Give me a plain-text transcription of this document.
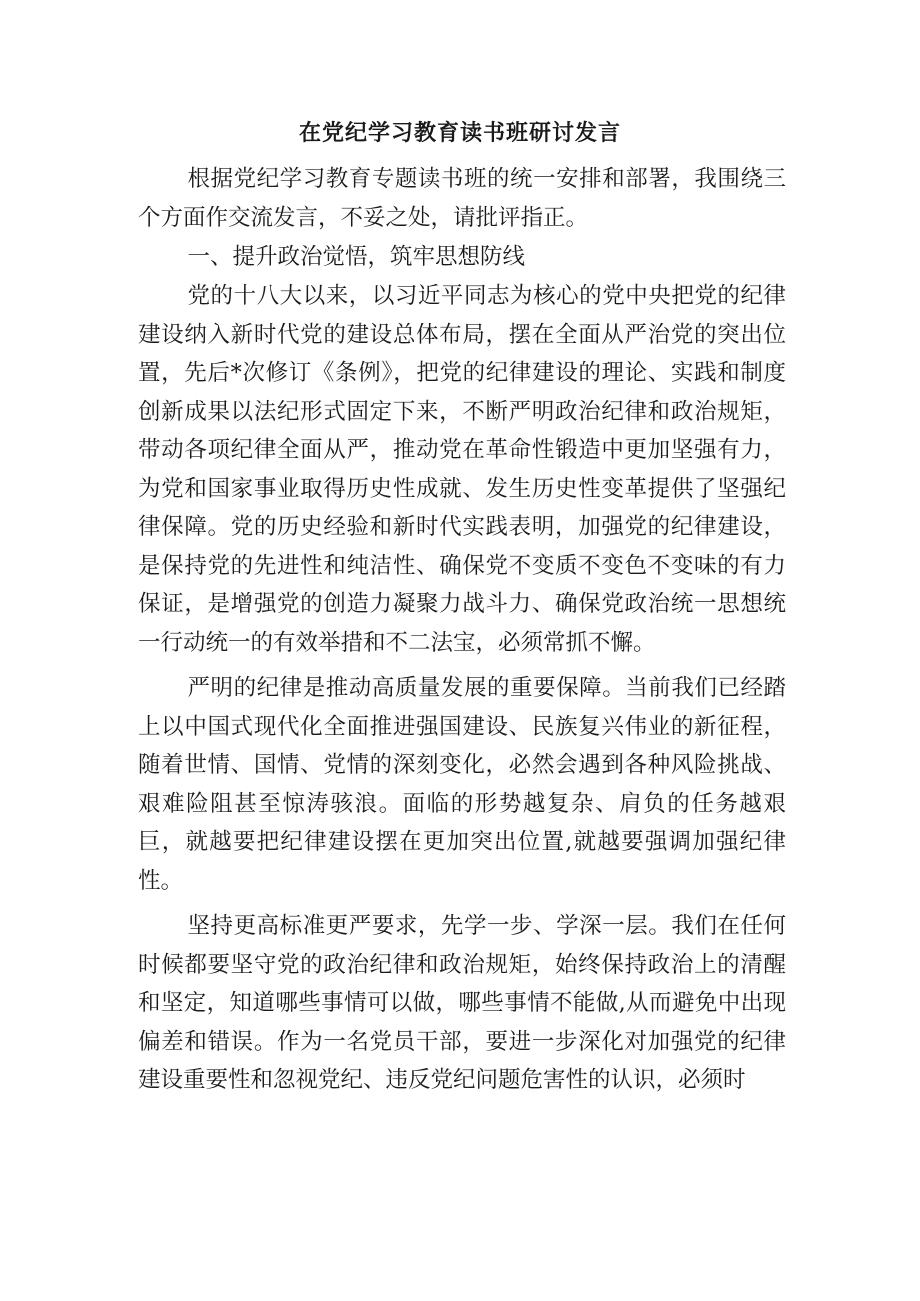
在党纪学习教育读书班研讨发言

根据党纪学习教育专题读书班的统一安排和部署，我围绕三个方面作交流发言，不妥之处，请批评指正。

一、提升政治觉悟，筑牢思想防线

党的十八大以来，以习近平同志为核心的党中央把党的纪律建设纳入新时代党的建设总体布局，摆在全面从严治党的突出位置，先后*次修订《条例》，把党的纪律建设的理论、实践和制度创新成果以法纪形式固定下来，不断严明政治纪律和政治规矩，带动各项纪律全面从严，推动党在革命性锻造中更加坚强有力，为党和国家事业取得历史性成就、发生历史性变革提供了坚强纪律保障。党的历史经验和新时代实践表明，加强党的纪律建设，是保持党的先进性和纯洁性、确保党不变质不变色不变味的有力保证，是增强党的创造力凝聚力战斗力、确保党政治统一思想统一行动统一的有效举措和不二法宝，必须常抓不懈。

严明的纪律是推动高质量发展的重要保障。当前我们已经踏上以中国式现代化全面推进强国建设、民族复兴伟业的新征程，随着世情、国情、党情的深刻变化，必然会遇到各种风险挑战、艰难险阻甚至惊涛骇浪。面临的形势越复杂、肩负的任务越艰巨，就越要把纪律建设摆在更加突出位置,就越要强调加强纪律性。

坚持更高标准更严要求，先学一步、学深一层。我们在任何时候都要坚守党的政治纪律和政治规矩，始终保持政治上的清醒和坚定，知道哪些事情可以做，哪些事情不能做,从而避免中出现偏差和错误。作为一名党员干部，要进一步深化对加强党的纪律建设重要性和忽视党纪、违反党纪问题危害性的认识，必须时
